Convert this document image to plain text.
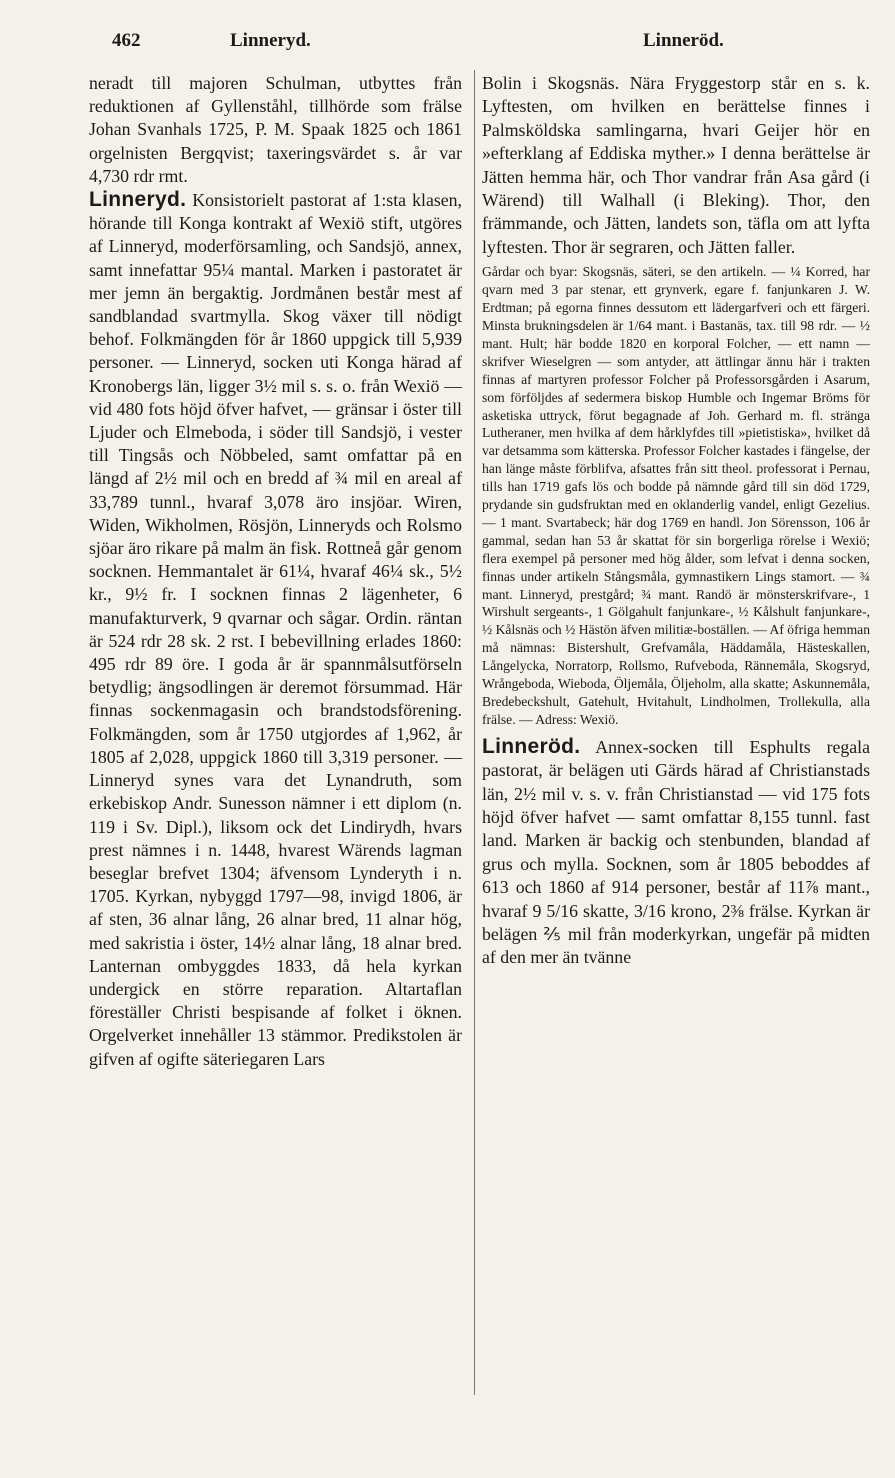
462	Linneryd.	Linneröd.

neradt till majoren Schulman, utbyttes från reduktionen af Gyllenståhl, tillhörde som frälse Johan Svanhals 1725, P. M. Spaak 1825 och 1861 orgelnisten Bergqvist; taxeringsvärdet s. år var 4,730 rdr rmt.

Linneryd. Konsistorielt pastorat af 1:sta klasen, hörande till Konga kontrakt af Wexiö stift, utgöres af Linneryd, moderförsamling, och Sandsjö, annex, samt innefattar 95¼ mantal. Marken i pastoratet är mer jemn än bergaktig. Jordmånen består mest af sandblandad svartmylla. Skog växer till nödigt behof. Folkmängden för år 1860 uppgick till 5,939 personer. — Linneryd, socken uti Konga härad af Kronobergs län, ligger 3½ mil s. s. o. från Wexiö — vid 480 fots höjd öfver hafvet, — gränsar i öster till Ljuder och Elmeboda, i söder till Sandsjö, i vester till Tingsås och Nöbbeled, samt omfattar på en längd af 2½ mil och en bredd af ¾ mil en areal af 33,789 tunnl., hvaraf 3,078 äro insjöar. Wiren, Widen, Wikholmen, Rösjön, Linneryds och Rolsmo sjöar äro rikare på malm än fisk. Rottneå går genom socknen. Hemmantalet är 61¼, hvaraf 46¼ sk., 5½ kr., 9½ fr. I socknen finnas 2 lägenheter, 6 manufakturverk, 9 qvarnar och sågar. Ordin. räntan är 524 rdr 28 sk. 2 rst. I bebevillning erlades 1860: 495 rdr 89 öre. I goda år är spannmålsutförseln betydlig; ängsodlingen är deremot försummad. Här finnas sockenmagasin och brandstodsförening. Folkmängden, som år 1750 utgjordes af 1,962, år 1805 af 2,028, uppgick 1860 till 3,319 personer. — Linneryd synes vara det Lynandruth, som erkebiskop Andr. Sunesson nämner i ett diplom (n. 119 i Sv. Dipl.), liksom ock det Lindirydh, hvars prest nämnes i n. 1448, hvarest Wärends lagman beseglar brefvet 1304; äfvensom Lynderyth i n. 1705. Kyrkan, nybyggd 1797—98, invigd 1806, är af sten, 36 alnar lång, 26 alnar bred, 11 alnar hög, med sakristia i öster, 14½ alnar lång, 18 alnar bred. Lanternan ombyggdes 1833, då hela kyrkan undergick en större reparation. Altartaflan föreställer Christi bespisande af folket i öknen. Orgelverket innehåller 13 stämmor. Predikstolen är gifven af ogifte säteriegaren Lars

Bolin i Skogsnäs. Nära Fryggestorp står en s. k. Lyftesten, om hvilken en berättelse finnes i Palmsköldska samlingarna, hvari Geijer hör en »efterklang af Eddiska myther.» I denna berättelse är Jätten hemma här, och Thor vandrar från Asa gård (i Wärend) till Walhall (i Bleking). Thor, den främmande, och Jätten, landets son, täfla om att lyfta lyftesten. Thor är segraren, och Jätten faller.

Gårdar och byar: Skogsnäs, säteri, se den artikeln. — ¼ Korred, har qvarn med 3 par stenar, ett grynverk, egare f. fanjunkaren J. W. Erdtman; på egorna finnes dessutom ett lädergarfveri och ett färgeri. Minsta brukningsdelen är 1/64 mant. i Bastanäs, tax. till 98 rdr. — ½ mant. Hult; här bodde 1820 en korporal Folcher, — ett namn — skrifver Wieselgren — som antyder, att ättlingar ännu här i trakten finnas af martyren professor Folcher på Professorsgården i Asarum, som förföljdes af sedermera biskop Humble och Ingemar Bröms för asketiska uttryck, förut begagnade af Joh. Gerhard m. fl. stränga Lutheraner, men hvilka af dem hårklyfdes till »pietistiska», hvilket då var detsamma som kätterska. Professor Folcher kastades i fängelse, der han länge måste förblifva, afsattes från sitt theol. professorat i Pernau, tills han 1719 gafs lös och bodde på nämnde gård till sin död 1729, prydande sin gudsfruktan med en oklanderlig vandel, enligt Gezelius. — 1 mant. Svartabeck; här dog 1769 en handl. Jon Sörensson, 106 år gammal, sedan han 53 år skattat för sin borgerliga rörelse i Wexiö; flera exempel på personer med hög ålder, som lefvat i denna socken, finnas under artikeln Stångsmåla, gymnastikern Lings stamort. — ¾ mant. Linneryd, prestgård; ¾ mant. Randö är mönsterskrifvare-, 1 Wirshult sergeants-, 1 Gölgahult fanjunkare-, ½ Kålshult fanjunkare-, ½ Kålsnäs och ½ Hästön äfven militiæ-boställen. — Af öfriga hemman må nämnas: Bistershult, Grefvamåla, Häddamåla, Hästeskallen, Långelycka, Norratorp, Rollsmo, Rufveboda, Rännemåla, Skogsryd, Wrångeboda, Wieboda, Öljemåla, Öljeholm, alla skatte; Askunnemåla, Bredebeckshult, Gatehult, Hvitahult, Lindholmen, Trollekulla, alla frälse. — Adress: Wexiö.

Linneröd. Annex-socken till Esphults regala pastorat, är belägen uti Gärds härad af Christianstads län, 2½ mil v. s. v. från Christianstad — vid 175 fots höjd öfver hafvet — samt omfattar 8,155 tunnl. fast land. Marken är backig och stenbunden, blandad af grus och mylla. Socknen, som år 1805 beboddes af 613 och 1860 af 914 personer, består af 11⅞ mant., hvaraf 9 5/16 skatte, 3/16 krono, 2⅜ frälse. Kyrkan är belägen ⅖ mil från moderkyrkan, ungefär på midten af den mer än tvänne
